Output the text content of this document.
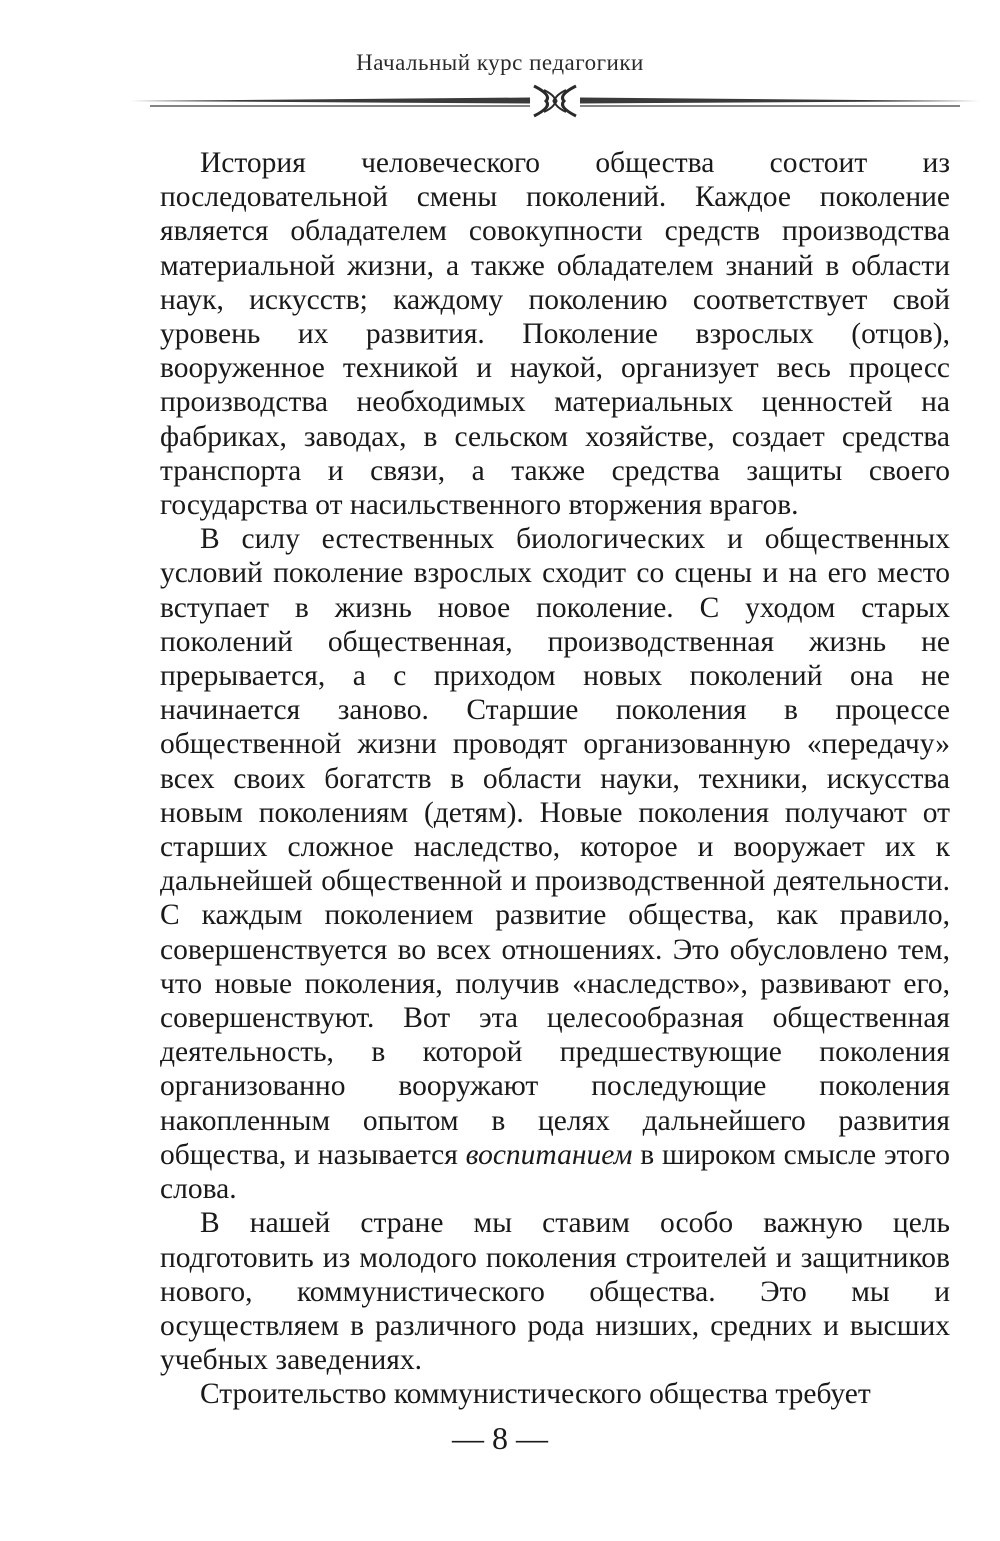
Начальный курс педагогики

История человеческого общества состоит из последовательной смены поколений. Каждое поколение является обладателем совокупности средств производства материальной жизни, а также обладателем знаний в области наук, искусств; каждому поколению соответствует свой уровень их развития. Поколение взрослых (отцов), вооруженное техникой и наукой, организует весь процесс производства необходимых материальных ценностей на фабриках, заводах, в сельском хозяйстве, создает средства транспорта и связи, а также средства защиты своего государства от насильственного вторжения врагов.

В силу естественных биологических и общественных условий поколение взрослых сходит со сцены и на его место вступает в жизнь новое поколение. С уходом старых поколений общественная, производственная жизнь не прерывается, а с приходом новых поколений она не начинается заново. Старшие поколения в процессе общественной жизни проводят организованную «передачу» всех своих богатств в области науки, техники, искусства новым поколениям (детям). Новые поколения получают от старших сложное наследство, которое и вооружает их к дальнейшей общественной и производственной деятельности. С каждым поколением развитие общества, как правило, совершенствуется во всех отношениях. Это обусловлено тем, что новые поколения, получив «наследство», развивают его, совершенствуют. Вот эта целесообразная общественная деятельность, в которой предшествующие поколения организованно вооружают последующие поколения накопленным опытом в целях дальнейшего развития общества, и называется воспитанием в широком смысле этого слова.

В нашей стране мы ставим особо важную цель подготовить из молодого поколения строителей и защитников нового, коммунистического общества. Это мы и осуществляем в различного рода низших, средних и высших учебных заведениях.

Строительство коммунистического общества требует

— 8 —
